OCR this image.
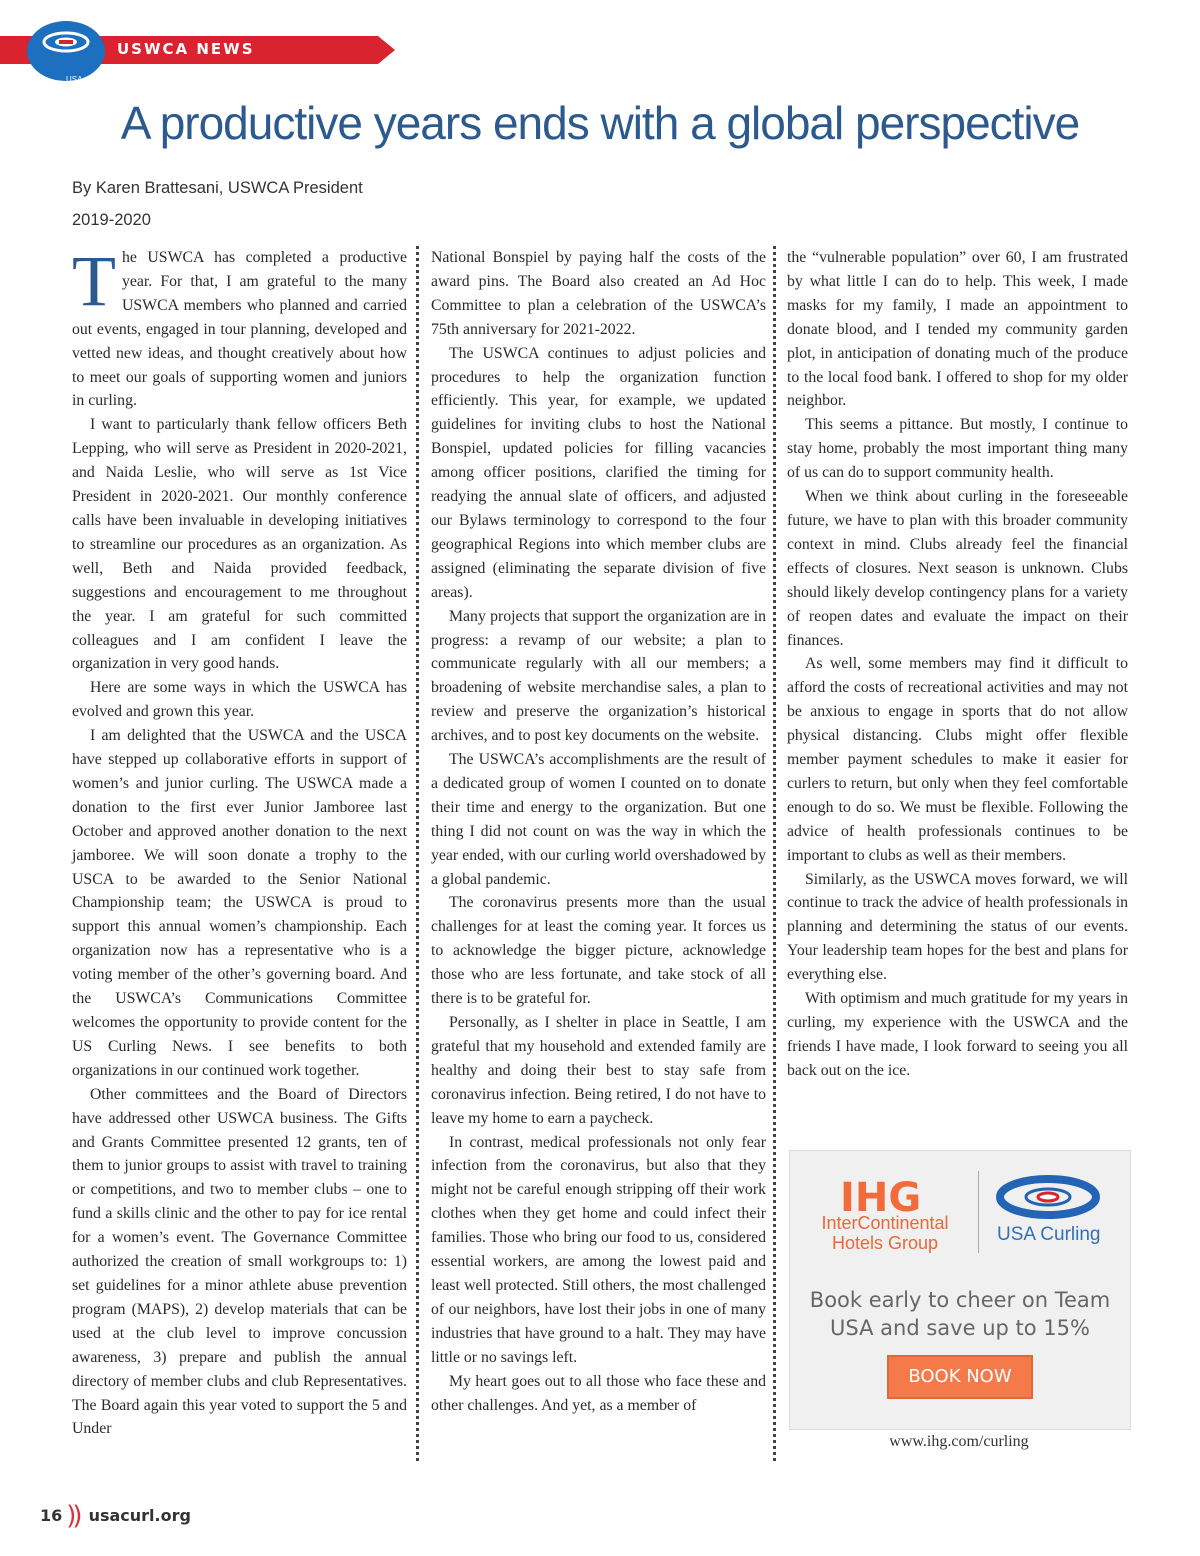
USA Curling
USWCA NEWS
A productive years ends with a global perspective
By Karen Brattesani, USWCA President
2019-2020
T he USWCA has completed a productive year. For that, I am grateful to the many USWCA members who planned and carried out events, engaged in tour planning, developed and vetted new ideas, and thought creatively about how to meet our goals of supporting women and juniors in curling.

I want to particularly thank fellow officers Beth Lepping, who will serve as President in 2020-2021, and Naida Leslie, who will serve as 1st Vice President in 2020-2021. Our monthly conference calls have been invaluable in developing initiatives to streamline our procedures as an organization. As well, Beth and Naida provided feedback, suggestions and encouragement to me throughout the year. I am grateful for such committed colleagues and I am confident I leave the organization in very good hands.

Here are some ways in which the USWCA has evolved and grown this year.

I am delighted that the USWCA and the USCA have stepped up collaborative efforts in support of women’s and junior curling. The USWCA made a donation to the first ever Junior Jamboree last October and approved another donation to the next jamboree. We will soon donate a trophy to the USCA to be awarded to the Senior National Championship team; the USWCA is proud to support this annual women’s championship. Each organization now has a representative who is a voting member of the other’s governing board. And the USWCA’s Communications Committee welcomes the opportunity to provide content for the US Curling News. I see benefits to both organizations in our continued work together.

Other committees and the Board of Directors have addressed other USWCA business. The Gifts and Grants Committee presented 12 grants, ten of them to junior groups to assist with travel to training or competitions, and two to member clubs – one to fund a skills clinic and the other to pay for ice rental for a women’s event. The Governance Committee authorized the creation of small workgroups to: 1) set guidelines for a minor athlete abuse prevention program (MAPS), 2) develop materials that can be used at the club level to improve concussion awareness, 3) prepare and publish the annual directory of member clubs and club Representatives. The Board again this year voted to support the 5 and Under

National Bonspiel by paying half the costs of the award pins. The Board also created an Ad Hoc Committee to plan a celebration of the USWCA’s 75th anniversary for 2021-2022.

The USWCA continues to adjust policies and procedures to help the organization function efficiently. This year, for example, we updated guidelines for inviting clubs to host the National Bonspiel, updated policies for filling vacancies among officer positions, clarified the timing for readying the annual slate of officers, and adjusted our Bylaws terminology to correspond to the four geographical Regions into which member clubs are assigned (eliminating the separate division of five areas).

Many projects that support the organization are in progress: a revamp of our website; a plan to communicate regularly with all our members; a broadening of website merchandise sales, a plan to review and preserve the organization’s historical archives, and to post key documents on the website.

The USWCA’s accomplishments are the result of a dedicated group of women I counted on to donate their time and energy to the organization. But one thing I did not count on was the way in which the year ended, with our curling world overshadowed by a global pandemic.

The coronavirus presents more than the usual challenges for at least the coming year. It forces us to acknowledge the bigger picture, acknowledge those who are less fortunate, and take stock of all there is to be grateful for.

Personally, as I shelter in place in Seattle, I am grateful that my household and extended family are healthy and doing their best to stay safe from coronavirus infection. Being retired, I do not have to leave my home to earn a paycheck.

In contrast, medical professionals not only fear infection from the coronavirus, but also that they might not be careful enough stripping off their work clothes when they get home and could infect their families. Those who bring our food to us, considered essential workers, are among the lowest paid and least well protected. Still others, the most challenged of our neighbors, have lost their jobs in one of many industries that have ground to a halt. They may have little or no savings left.

My heart goes out to all those who face these and other challenges. And yet, as a member of

the “vulnerable population” over 60, I am frustrated by what little I can do to help. This week, I made masks for my family, I made an appointment to donate blood, and I tended my community garden plot, in anticipation of donating much of the produce to the local food bank. I offered to shop for my older neighbor.

This seems a pittance. But mostly, I continue to stay home, probably the most important thing many of us can do to support community health.

When we think about curling in the foreseeable future, we have to plan with this broader community context in mind. Clubs already feel the financial effects of closures. Next season is unknown. Clubs should likely develop contingency plans for a variety of reopen dates and evaluate the impact on their finances.

As well, some members may find it difficult to afford the costs of recreational activities and may not be anxious to engage in sports that do not allow physical distancing. Clubs might offer flexible member payment schedules to make it easier for curlers to return, but only when they feel comfortable enough to do so. We must be flexible. Following the advice of health professionals continues to be important to clubs as well as their members.

Similarly, as the USWCA moves forward, we will continue to track the advice of health professionals in planning and determining the status of our events. Your leadership team hopes for the best and plans for everything else.

With optimism and much gratitude for my years in curling, my experience with the USWCA and the friends I have made, I look forward to seeing you all back out on the ice.

IHG
InterContinental Hotels Group	USA Curling
Book early to cheer on Team USA and save up to 15%
BOOK NOW
www.ihg.com/curling
16 )) usacurl.org
